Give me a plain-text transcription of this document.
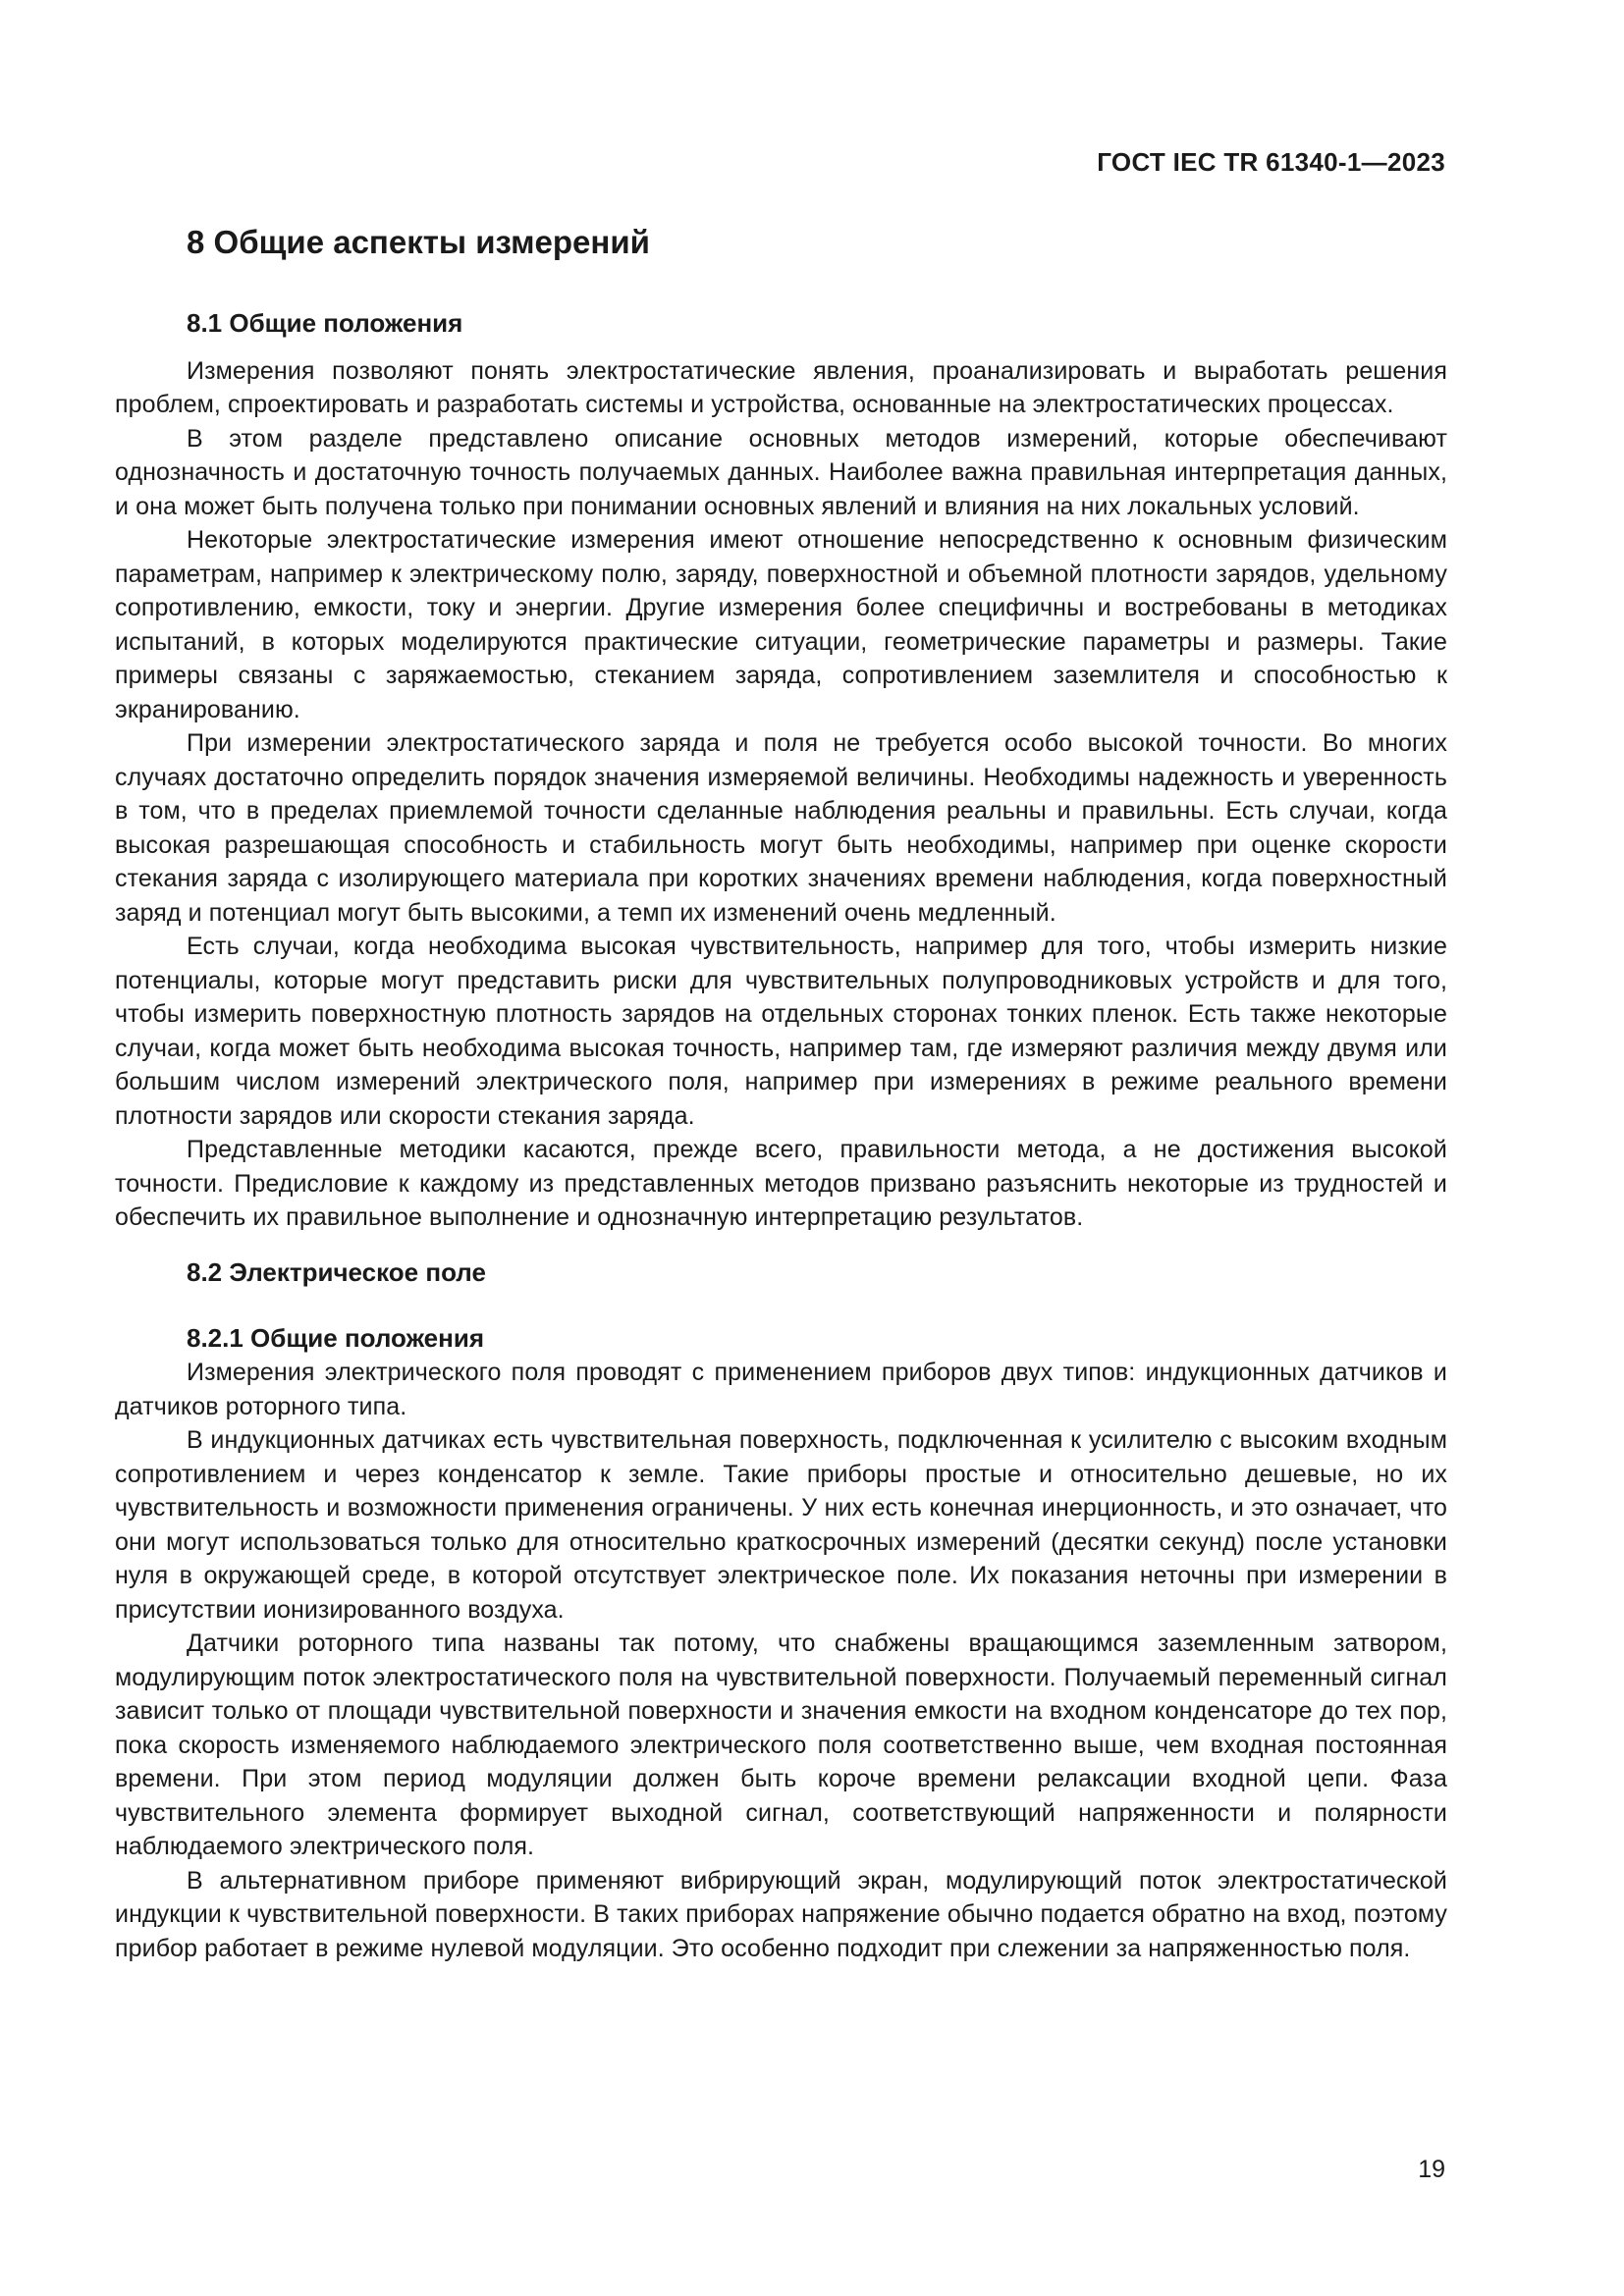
ГОСТ IEC TR 61340-1—2023
8 Общие аспекты измерений
8.1 Общие положения

Измерения позволяют понять электростатические явления, проанализировать и выработать решения проблем, спроектировать и разработать системы и устройства, основанные на электростатических процессах.

В этом разделе представлено описание основных методов измерений, которые обеспечивают однозначность и достаточную точность получаемых данных. Наиболее важна правильная интерпретация данных, и она может быть получена только при понимании основных явлений и влияния на них локальных условий.

Некоторые электростатические измерения имеют отношение непосредственно к основным физическим параметрам, например к электрическому полю, заряду, поверхностной и объемной плотности зарядов, удельному сопротивлению, емкости, току и энергии. Другие измерения более специфичны и востребованы в методиках испытаний, в которых моделируются практические ситуации, геометрические параметры и размеры. Такие примеры связаны с заряжаемостью, стеканием заряда, сопротивлением заземлителя и способностью к экранированию.

При измерении электростатического заряда и поля не требуется особо высокой точности. Во многих случаях достаточно определить порядок значения измеряемой величины. Необходимы надежность и уверенность в том, что в пределах приемлемой точности сделанные наблюдения реальны и правильны. Есть случаи, когда высокая разрешающая способность и стабильность могут быть необходимы, например при оценке скорости стекания заряда с изолирующего материала при коротких значениях времени наблюдения, когда поверхностный заряд и потенциал могут быть высокими, а темп их изменений очень медленный.

Есть случаи, когда необходима высокая чувствительность, например для того, чтобы измерить низкие потенциалы, которые могут представить риски для чувствительных полупроводниковых устройств и для того, чтобы измерить поверхностную плотность зарядов на отдельных сторонах тонких пленок. Есть также некоторые случаи, когда может быть необходима высокая точность, например там, где измеряют различия между двумя или большим числом измерений электрического поля, например при измерениях в режиме реального времени плотности зарядов или скорости стекания заряда.

Представленные методики касаются, прежде всего, правильности метода, а не достижения высокой точности. Предисловие к каждому из представленных методов призвано разъяснить некоторые из трудностей и обеспечить их правильное выполнение и однозначную интерпретацию результатов.

8.2 Электрическое поле
8.2.1 Общие положения

Измерения электрического поля проводят с применением приборов двух типов: индукционных датчиков и датчиков роторного типа.

В индукционных датчиках есть чувствительная поверхность, подключенная к усилителю с высоким входным сопротивлением и через конденсатор к земле. Такие приборы простые и относительно дешевые, но их чувствительность и возможности применения ограничены. У них есть конечная инерционность, и это означает, что они могут использоваться только для относительно краткосрочных измерений (десятки секунд) после установки нуля в окружающей среде, в которой отсутствует электрическое поле. Их показания неточны при измерении в присутствии ионизированного воздуха.

Датчики роторного типа названы так потому, что снабжены вращающимся заземленным затвором, модулирующим поток электростатического поля на чувствительной поверхности. Получаемый переменный сигнал зависит только от площади чувствительной поверхности и значения емкости на входном конденсаторе до тех пор, пока скорость изменяемого наблюдаемого электрического поля соответственно выше, чем входная постоянная времени. При этом период модуляции должен быть короче времени релаксации входной цепи. Фаза чувствительного элемента формирует выходной сигнал, соответствующий напряженности и полярности наблюдаемого электрического поля.

В альтернативном приборе применяют вибрирующий экран, модулирующий поток электростатической индукции к чувствительной поверхности. В таких приборах напряжение обычно подается обратно на вход, поэтому прибор работает в режиме нулевой модуляции. Это особенно подходит при слежении за напряженностью поля.

19
